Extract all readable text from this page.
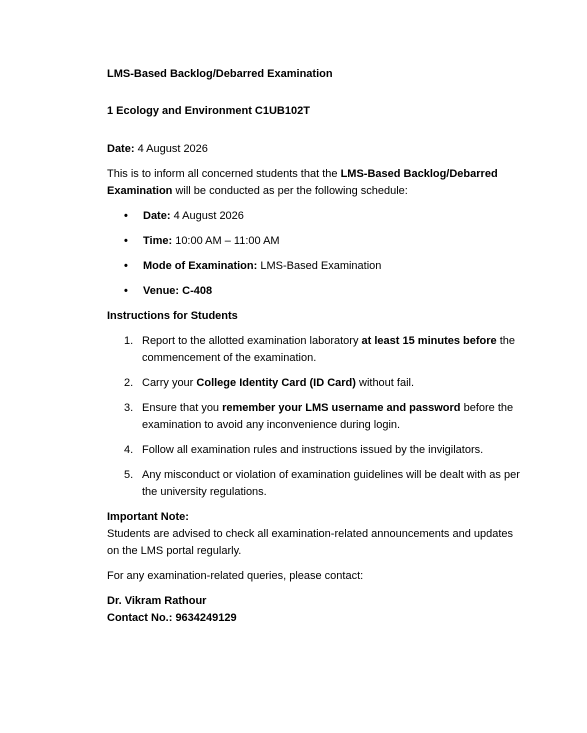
LMS-Based Backlog/Debarred Examination
1 Ecology and Environment C1UB102T
Date: 4 August 2026
This is to inform all concerned students that the LMS-Based Backlog/Debarred
Examination will be conducted as per the following schedule:
• Date: 4 August 2026
• Time: 10:00 AM – 11:00 AM
• Mode of Examination: LMS-Based Examination
• Venue: C-408
Instructions for Students
1. Report to the allotted examination laboratory at least 15 minutes before the commencement of the examination.
2. Carry your College Identity Card (ID Card) without fail.
3. Ensure that you remember your LMS username and password before the examination to avoid any inconvenience during login.
4. Follow all examination rules and instructions issued by the invigilators.
5. Any misconduct or violation of examination guidelines will be dealt with as per the university regulations.
Important Note:
Students are advised to check all examination-related announcements and updates
on the LMS portal regularly.
For any examination-related queries, please contact:
Dr. Vikram Rathour
Contact No.: 9634249129
